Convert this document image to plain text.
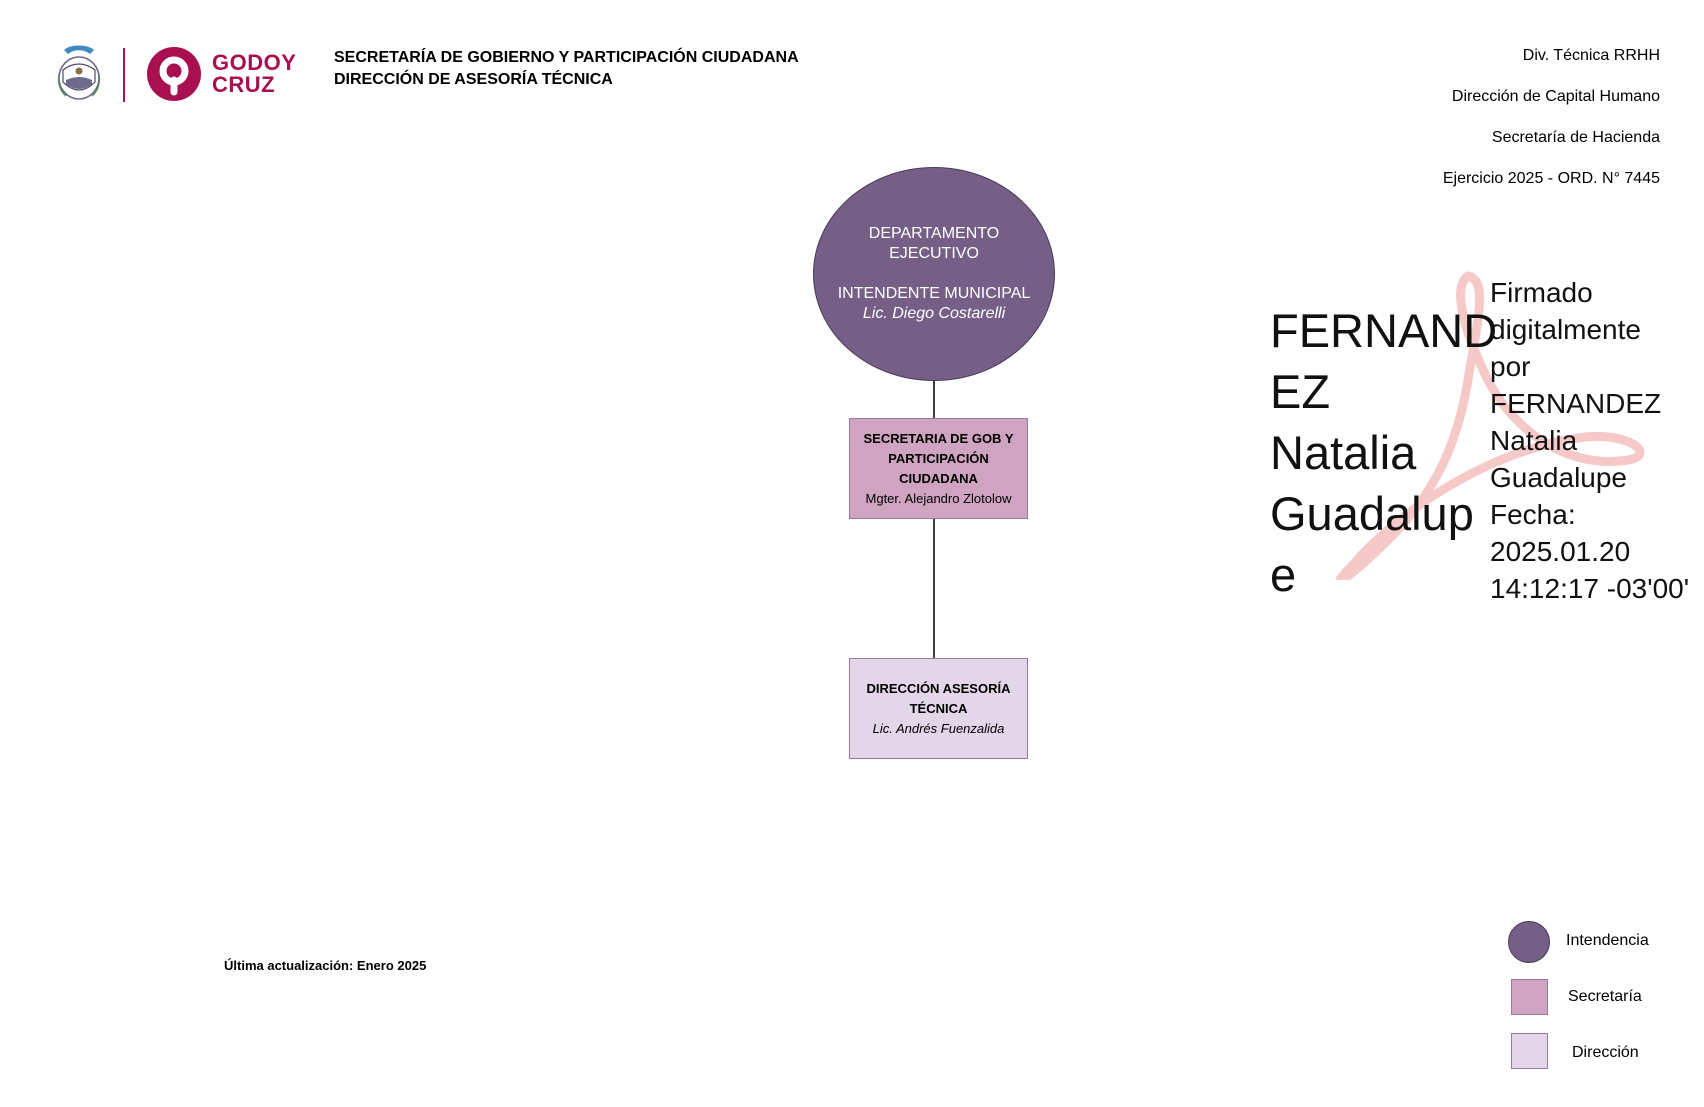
GODOY
CRUZ
SECRETARÍA DE GOBIERNO Y PARTICIPACIÓN CIUDADANA
DIRECCIÓN DE ASESORÍA TÉCNICA
Div. Técnica RRHH
Dirección de Capital Humano
Secretaría de Hacienda
Ejercicio 2025 - ORD. N° 7445
DEPARTAMENTO
EJECUTIVO
INTENDENTE MUNICIPAL
Lic. Diego Costarelli
SECRETARIA DE GOB Y
PARTICIPACIÓN
CIUDADANA
Mgter. Alejandro Zlotolow
DIRECCIÓN ASESORÍA
TÉCNICA
Lic. Andrés Fuenzalida
FERNAND
EZ Natalia
Guadalup
e
Firmado
digitalmente
por FERNANDEZ
Natalia
Guadalupe
Fecha:
2025.01.20
14:12:17 -03'00'
Última actualización: Enero 2025
Intendencia
Secretaría
Dirección
